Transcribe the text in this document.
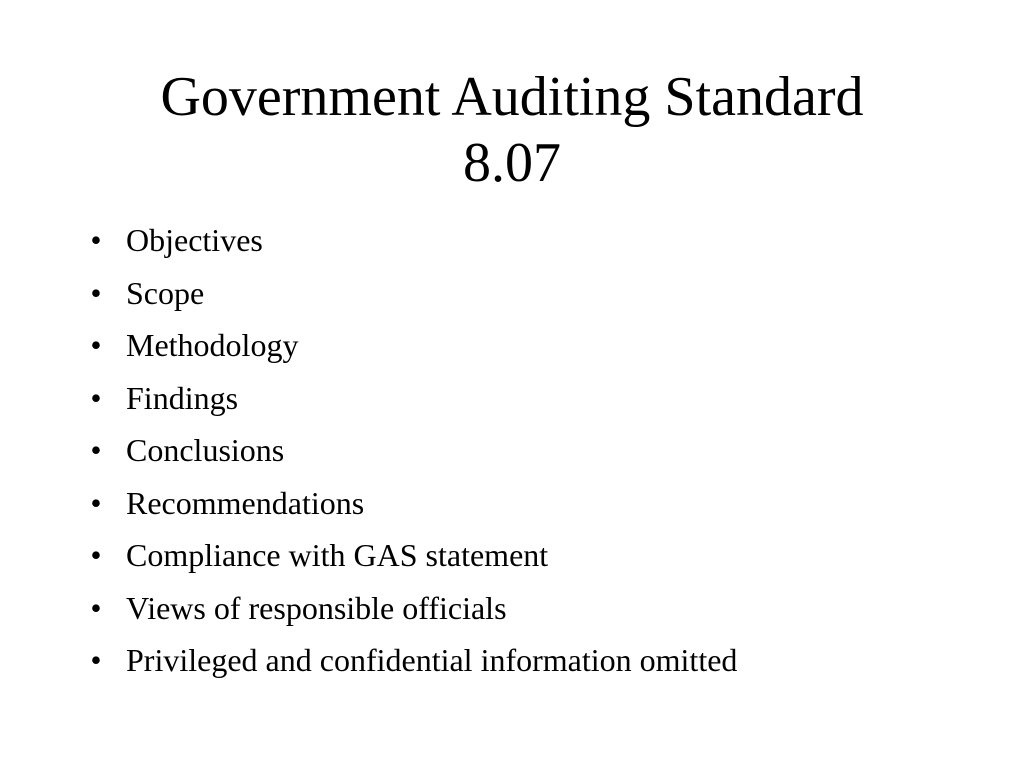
Government Auditing Standard
8.07
• Objectives
• Scope
• Methodology
• Findings
• Conclusions
• Recommendations
• Compliance with GAS statement
• Views of responsible officials
• Privileged and confidential information omitted
